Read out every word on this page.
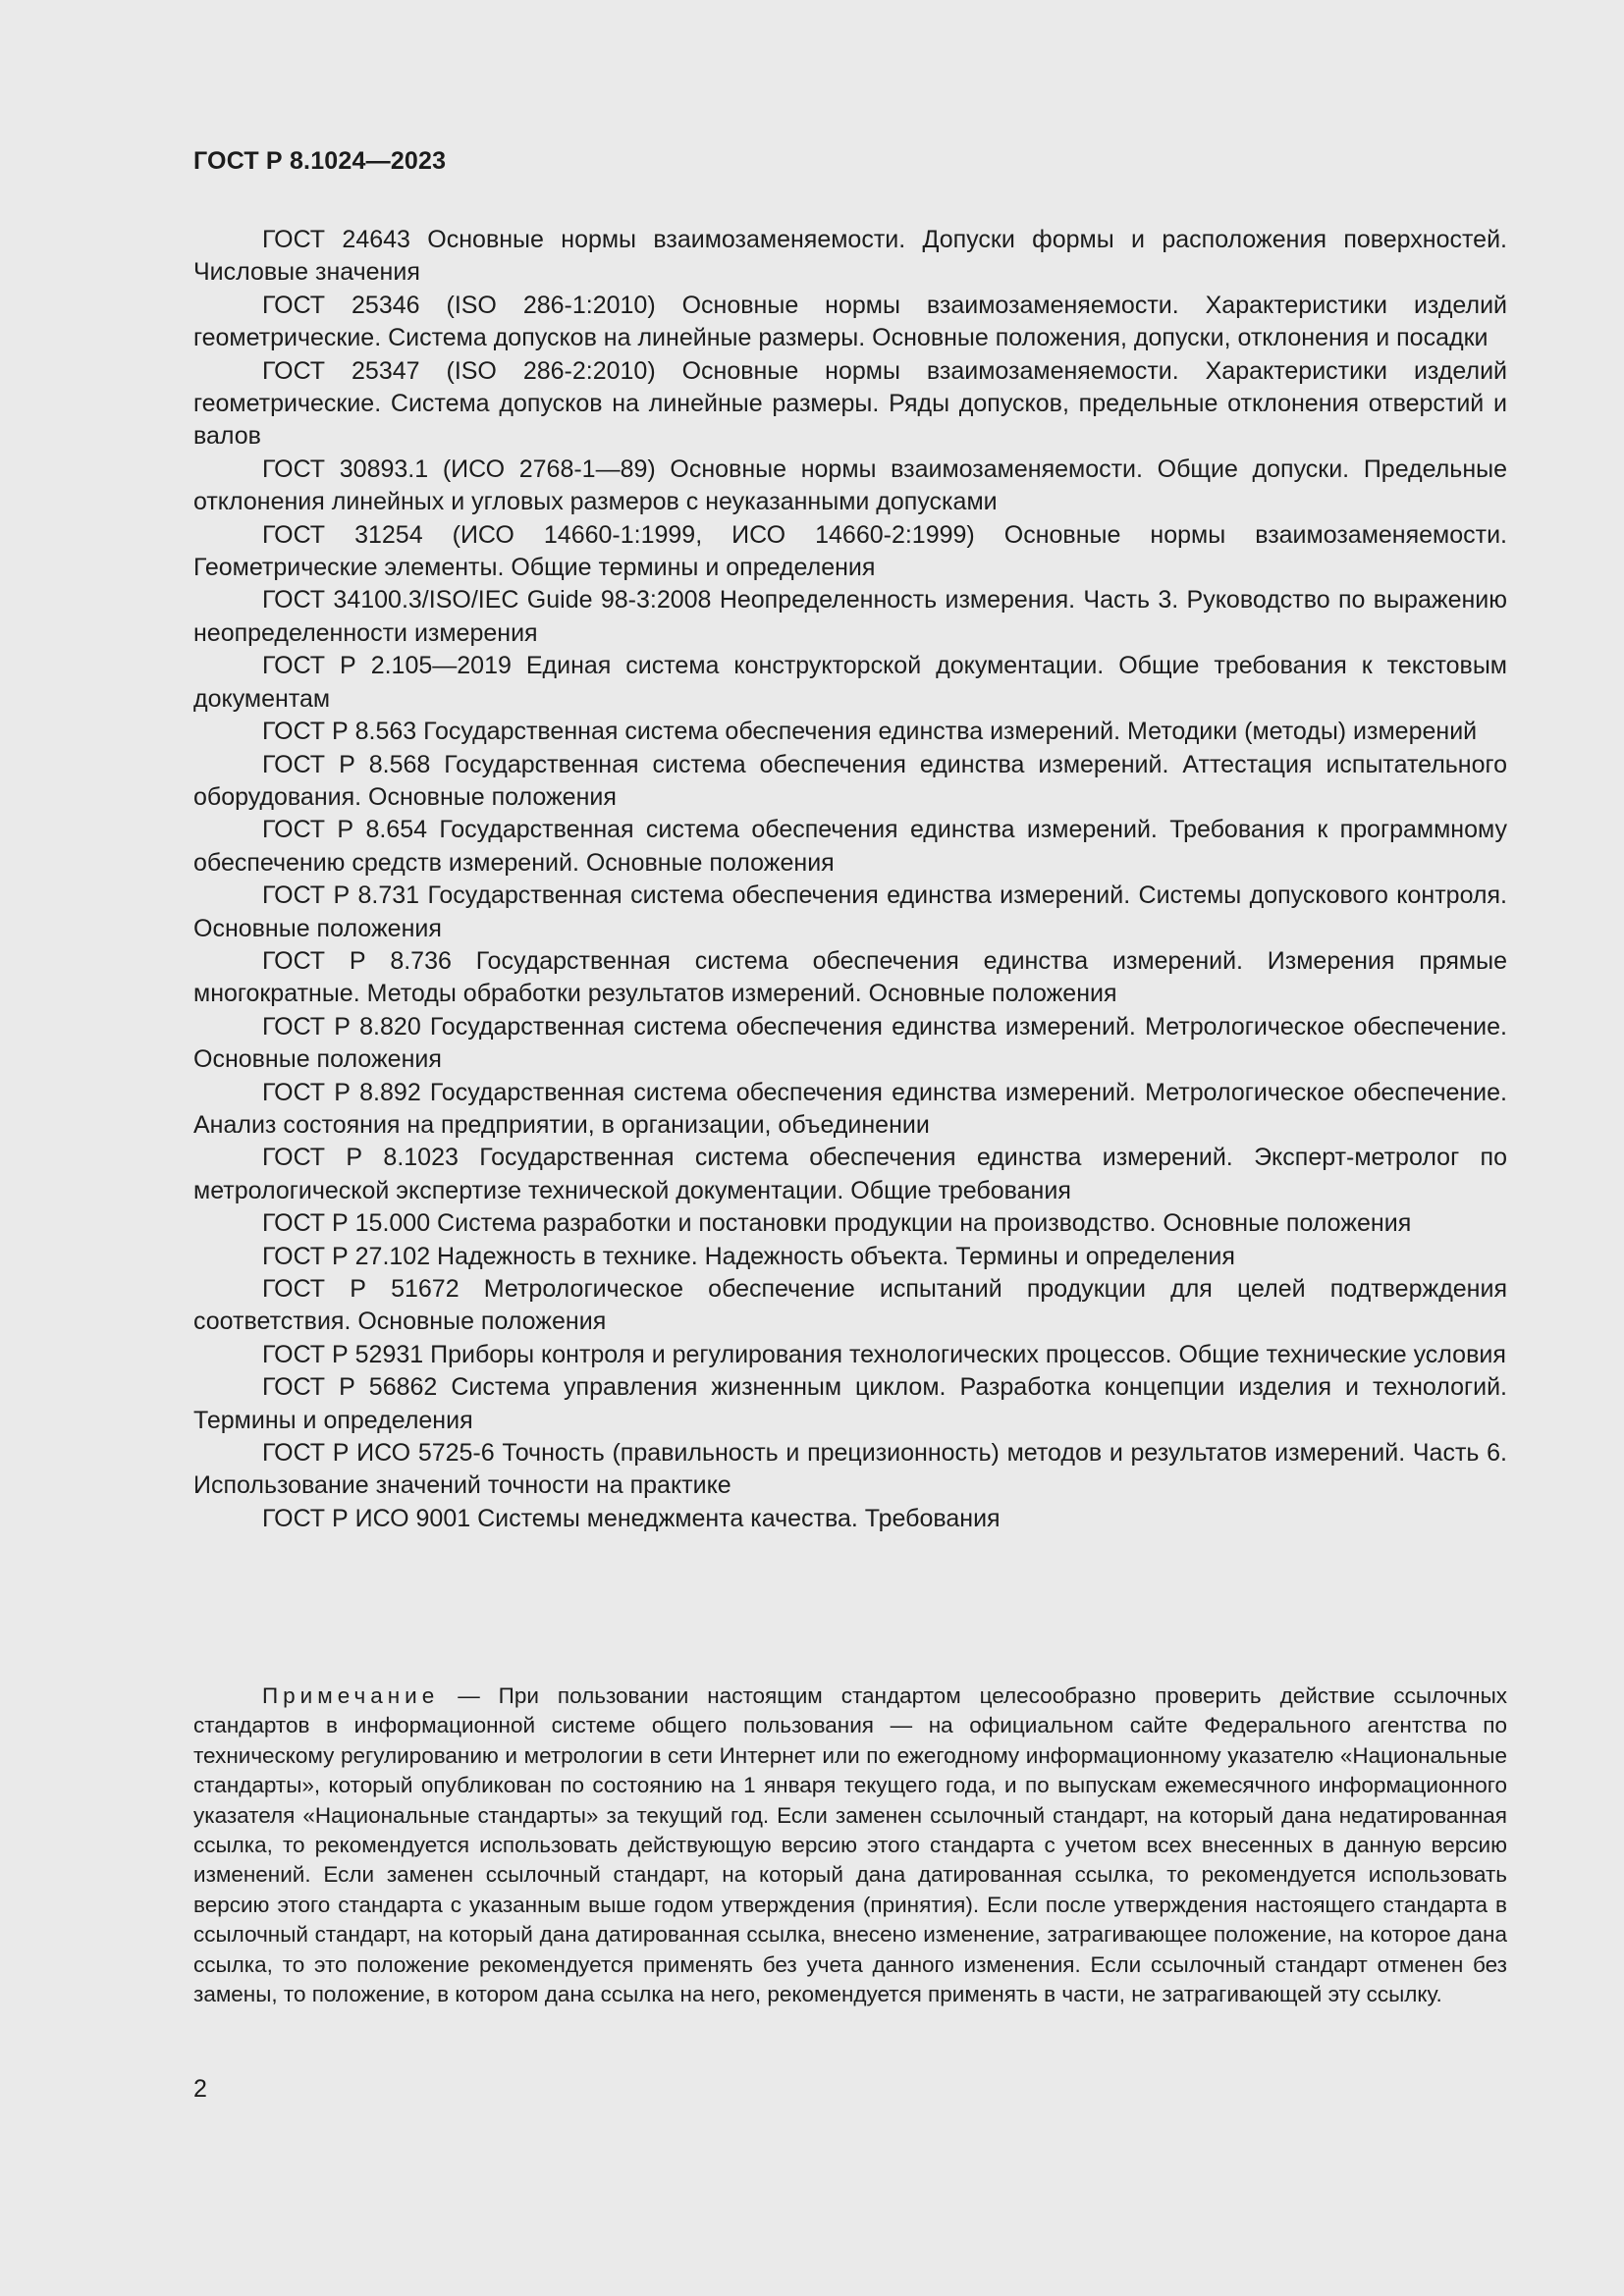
ГОСТ Р 8.1024—2023

ГОСТ 24643 Основные нормы взаимозаменяемости. Допуски формы и расположения поверхностей. Числовые значения

ГОСТ 25346 (ISO 286-1:2010) Основные нормы взаимозаменяемости. Характеристики изделий геометрические. Система допусков на линейные размеры. Основные положения, допуски, отклонения и посадки

ГОСТ 25347 (ISO 286-2:2010) Основные нормы взаимозаменяемости. Характеристики изделий геометрические. Система допусков на линейные размеры. Ряды допусков, предельные отклонения отверстий и валов

ГОСТ 30893.1 (ИСО 2768-1—89) Основные нормы взаимозаменяемости. Общие допуски. Предельные отклонения линейных и угловых размеров с неуказанными допусками

ГОСТ 31254 (ИСО 14660-1:1999, ИСО 14660-2:1999) Основные нормы взаимозаменяемости. Геометрические элементы. Общие термины и определения

ГОСТ 34100.3/ISO/IEC Guide 98-3:2008 Неопределенность измерения. Часть 3. Руководство по выражению неопределенности измерения

ГОСТ Р 2.105—2019 Единая система конструкторской документации. Общие требования к текстовым документам

ГОСТ Р 8.563 Государственная система обеспечения единства измерений. Методики (методы) измерений

ГОСТ Р 8.568 Государственная система обеспечения единства измерений. Аттестация испытательного оборудования. Основные положения

ГОСТ Р 8.654 Государственная система обеспечения единства измерений. Требования к программному обеспечению средств измерений. Основные положения

ГОСТ Р 8.731 Государственная система обеспечения единства измерений. Системы допускового контроля. Основные положения

ГОСТ Р 8.736 Государственная система обеспечения единства измерений. Измерения прямые многократные. Методы обработки результатов измерений. Основные положения

ГОСТ Р 8.820 Государственная система обеспечения единства измерений. Метрологическое обеспечение. Основные положения

ГОСТ Р 8.892 Государственная система обеспечения единства измерений. Метрологическое обеспечение. Анализ состояния на предприятии, в организации, объединении

ГОСТ Р 8.1023 Государственная система обеспечения единства измерений. Эксперт-метролог по метрологической экспертизе технической документации. Общие требования

ГОСТ Р 15.000 Система разработки и постановки продукции на производство. Основные положения

ГОСТ Р 27.102 Надежность в технике. Надежность объекта. Термины и определения

ГОСТ Р 51672 Метрологическое обеспечение испытаний продукции для целей подтверждения соответствия. Основные положения

ГОСТ Р 52931 Приборы контроля и регулирования технологических процессов. Общие технические условия

ГОСТ Р 56862 Система управления жизненным циклом. Разработка концепции изделия и технологий. Термины и определения

ГОСТ Р ИСО 5725-6 Точность (правильность и прецизионность) методов и результатов измерений. Часть 6. Использование значений точности на практике

ГОСТ Р ИСО 9001 Системы менеджмента качества. Требования

Примечание — При пользовании настоящим стандартом целесообразно проверить действие ссылочных стандартов в информационной системе общего пользования — на официальном сайте Федерального агентства по техническому регулированию и метрологии в сети Интернет или по ежегодному информационному указателю «Национальные стандарты», который опубликован по состоянию на 1 января текущего года, и по выпускам ежемесячного информационного указателя «Национальные стандарты» за текущий год. Если заменен ссылочный стандарт, на который дана недатированная ссылка, то рекомендуется использовать действующую версию этого стандарта с учетом всех внесенных в данную версию изменений. Если заменен ссылочный стандарт, на который дана датированная ссылка, то рекомендуется использовать версию этого стандарта с указанным выше годом утверждения (принятия). Если после утверждения настоящего стандарта в ссылочный стандарт, на который дана датированная ссылка, внесено изменение, затрагивающее положение, на которое дана ссылка, то это положение рекомендуется применять без учета данного изменения. Если ссылочный стандарт отменен без замены, то положение, в котором дана ссылка на него, рекомендуется применять в части, не затрагивающей эту ссылку.

2
